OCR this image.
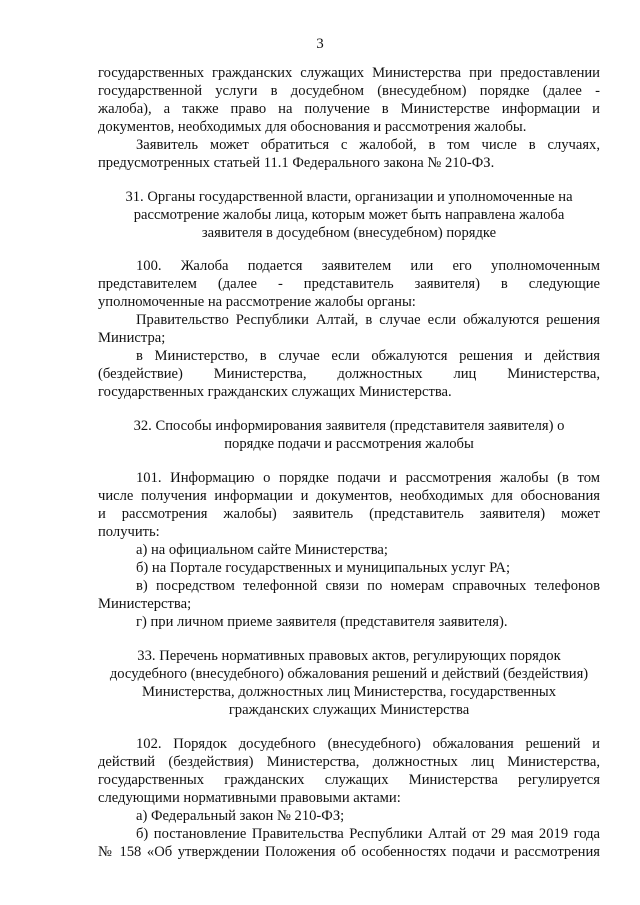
3
государственных гражданских служащих Министерства при предоставлении
государственной услуги в досудебном (внесудебном) порядке (далее -
жалоба), а также право на получение в Министерстве информации и
документов, необходимых для обоснования и рассмотрения жалобы.
Заявитель может обратиться с жалобой, в том числе в случаях,
предусмотренных статьей 11.1 Федерального закона № 210-ФЗ.
31. Органы государственной власти, организации и уполномоченные на
рассмотрение жалобы лица, которым может быть направлена жалоба
заявителя в досудебном (внесудебном) порядке
100. Жалоба подается заявителем или его уполномоченным
представителем (далее - представитель заявителя) в следующие
уполномоченные на рассмотрение жалобы органы:
Правительство Республики Алтай, в случае если обжалуются решения
Министра;
в Министерство, в случае если обжалуются решения и действия
(бездействие) Министерства, должностных лиц Министерства,
государственных гражданских служащих Министерства.
32. Способы информирования заявителя (представителя заявителя) о
порядке подачи и рассмотрения жалобы
101. Информацию о порядке подачи и рассмотрения жалобы (в том
числе получения информации и документов, необходимых для обоснования
и рассмотрения жалобы) заявитель (представитель заявителя) может
получить:
а) на официальном сайте Министерства;
б) на Портале государственных и муниципальных услуг РА;
в) посредством телефонной связи по номерам справочных телефонов
Министерства;
г) при личном приеме заявителя (представителя заявителя).
33. Перечень нормативных правовых актов, регулирующих порядок
досудебного (внесудебного) обжалования решений и действий (бездействия)
Министерства, должностных лиц Министерства, государственных
гражданских служащих Министерства
102. Порядок досудебного (внесудебного) обжалования решений и
действий (бездействия) Министерства, должностных лиц Министерства,
государственных гражданских служащих Министерства регулируется
следующими нормативными правовыми актами:
а) Федеральный закон № 210-ФЗ;
б) постановление Правительства Республики Алтай от 29 мая 2019 года
№ 158 «Об утверждении Положения об особенностях подачи и рассмотрения
